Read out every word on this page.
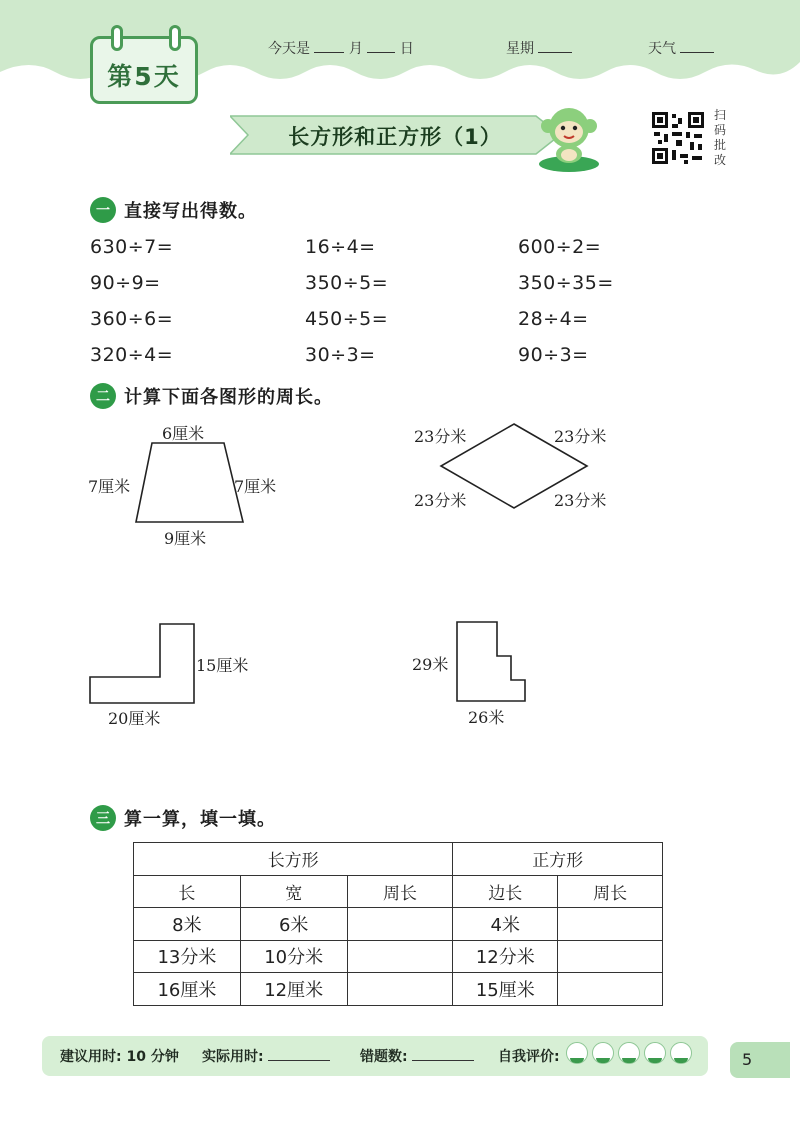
第5天
今天是	月	日	星期	天气
长方形和正方形（1）
扫
码
批
改
一 直接写出得数。
630÷7=	16÷4=	600÷2=
90÷9=	350÷5=	350÷35=
360÷6=	450÷5=	28÷4=
320÷4=	30÷3=	90÷3=
二 计算下面各图形的周长。
6厘米
7厘米	7厘米
9厘米
23分米	23分米
23分米	23分米
15厘米
20厘米
29米
26米
三 算一算，填一填。
长方形			正方形	
长	宽	周长	边长	周长
8米	6米		4米	
13分米	10分米		12分米	
16厘米	12厘米		15厘米	
建议用时: 10 分钟 实际用时:	错题数:	自我评价:	5
